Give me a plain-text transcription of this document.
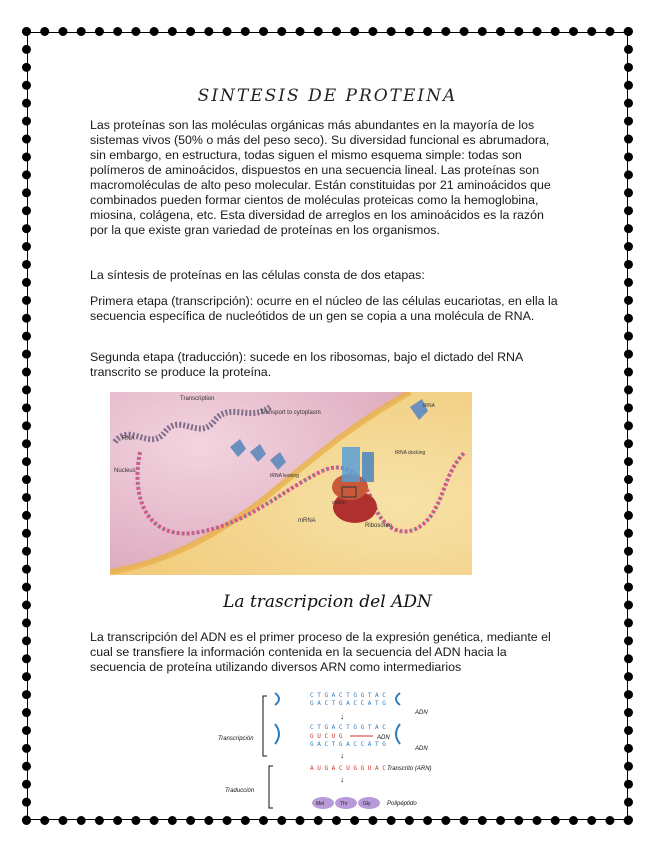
SINTESIS DE PROTEINA

Las proteínas son las moléculas orgánicas más abundantes en la mayoría de los sistemas vivos (50% o más del peso seco). Su diversidad funcional es abrumadora, sin embargo, en estructura, todas siguen el mismo esquema simple: todas son polímeros de aminoácidos, dispuestos en una secuencia lineal. Las proteínas son macromoléculas de alto peso molecular. Están constituidas por 21 aminoácidos que combinados pueden formar cientos de moléculas proteicas como la hemoglobina, miosina, colágena, etc. Esta diversidad de arreglos en los aminoácidos es la razón por la que existe gran variedad de proteínas en los organismos.

La síntesis de proteínas en las células consta de dos etapas:

Primera etapa (transcripción): ocurre en el núcleo de las células eucariotas, en ella la secuencia específica de nucleótidos de un gen se copia a una molécula de RNA.

Segunda etapa (traducción): sucede en los ribosomas, bajo el dictado del RNA transcrito se produce la proteína.

Transcription
Transport to cytoplasm
RNA
Nucleus
mRNA
Ribosome
codon
tRNA
tRNA leaving
tRNA docking
La trascripcion del ADN

La transcripción del ADN es el primer proceso de la expresión genética, mediante el cual se transfiere la información contenida en la secuencia del ADN hacia la secuencia de proteína utilizando diversos ARN como intermediarios

C T G A C T G G T A C
G A C T G A C C A T G
ADN
↓
C T G A C T G G T A C
G U C U G
G A C T G A C C A T G
ADN
ADN
↓
A U G A C U G G U A C Transcrito (ARN)
↓
Met	Thr	Gly	Polipéptido
Transcripción
Traducción
